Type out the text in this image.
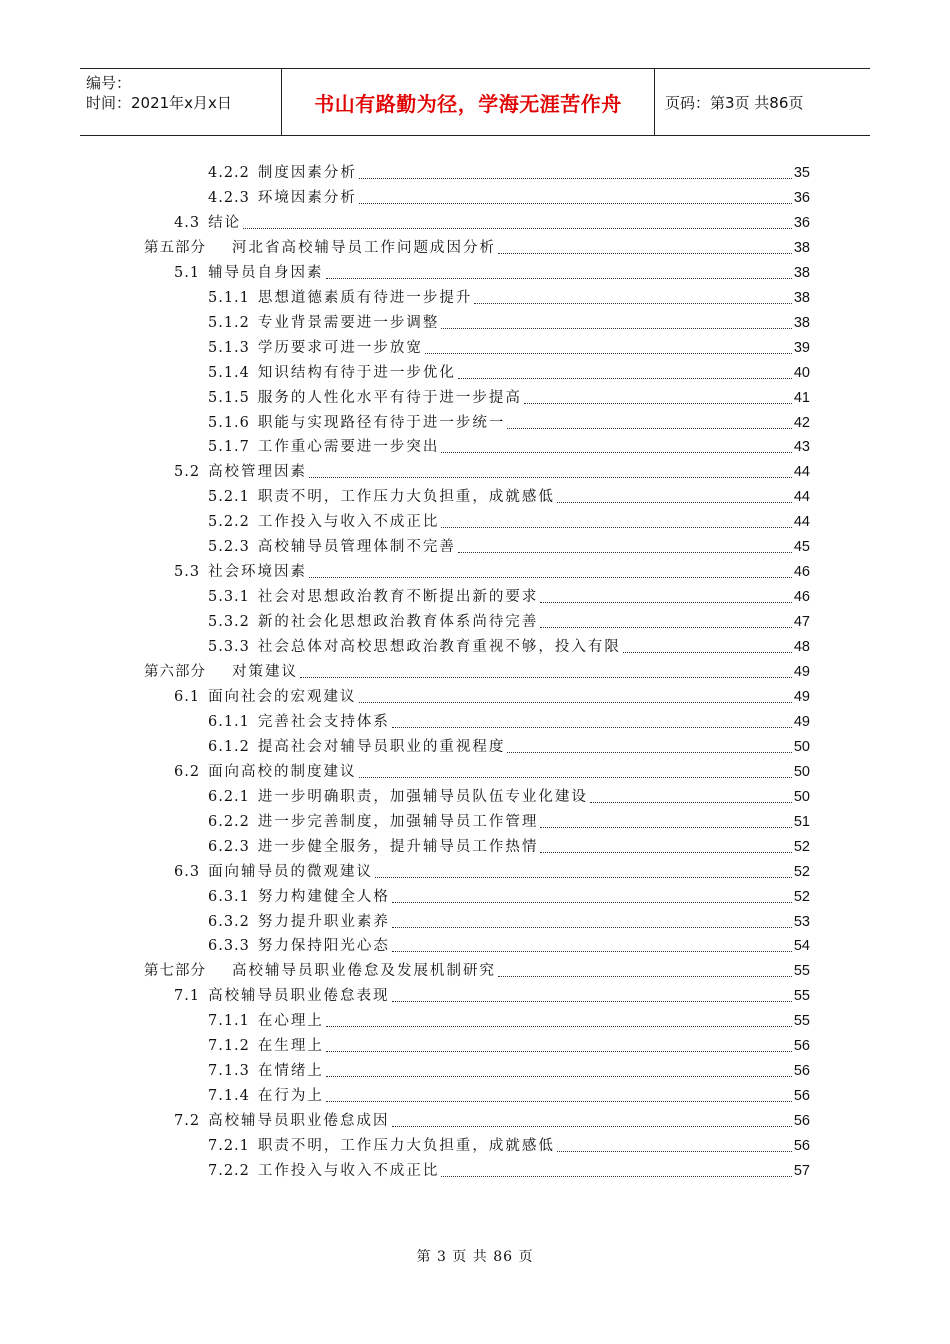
编号：
时间：2021年x月x日	书山有路勤为径，学海无涯苦作舟	页码：第3页 共86页
4.2.2 制度因素分析	35
4.2.3 环境因素分析	36
4.3 结论	36
第五部分 河北省高校辅导员工作问题成因分析	38
5.1 辅导员自身因素	38
5.1.1 思想道德素质有待进一步提升	38
5.1.2 专业背景需要进一步调整	38
5.1.3 学历要求可进一步放宽	39
5.1.4 知识结构有待于进一步优化	40
5.1.5 服务的人性化水平有待于进一步提高	41
5.1.6 职能与实现路径有待于进一步统一	42
5.1.7 工作重心需要进一步突出	43
5.2 高校管理因素	44
5.2.1 职责不明，工作压力大负担重，成就感低	44
5.2.2 工作投入与收入不成正比	44
5.2.3 高校辅导员管理体制不完善	45
5.3 社会环境因素	46
5.3.1 社会对思想政治教育不断提出新的要求	46
5.3.2 新的社会化思想政治教育体系尚待完善	47
5.3.3 社会总体对高校思想政治教育重视不够，投入有限	48
第六部分 对策建议	49
6.1 面向社会的宏观建议	49
6.1.1 完善社会支持体系	49
6.1.2 提高社会对辅导员职业的重视程度	50
6.2 面向高校的制度建议	50
6.2.1 进一步明确职责，加强辅导员队伍专业化建设	50
6.2.2 进一步完善制度，加强辅导员工作管理	51
6.2.3 进一步健全服务，提升辅导员工作热情	52
6.3 面向辅导员的微观建议	52
6.3.1 努力构建健全人格	52
6.3.2 努力提升职业素养	53
6.3.3 努力保持阳光心态	54
第七部分 高校辅导员职业倦怠及发展机制研究	55
7.1 高校辅导员职业倦怠表现	55
7.1.1 在心理上	55
7.1.2 在生理上	56
7.1.3 在情绪上	56
7.1.4 在行为上	56
7.2 高校辅导员职业倦怠成因	56
7.2.1 职责不明，工作压力大负担重，成就感低	56
7.2.2 工作投入与收入不成正比	57
第 3 页 共 86 页
